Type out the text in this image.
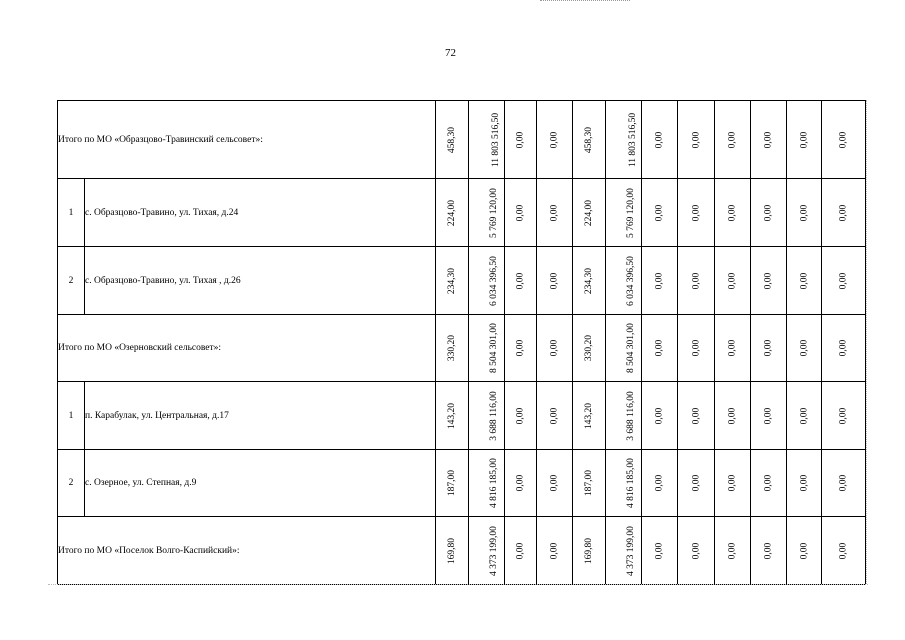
72
Итого по МО «Образцово-Травинский сельсовет»:		458,30	11 803 516,50	0,00	0,00	458,30	11 803 516,50	0,00	0,00	0,00	0,00	0,00	0,00
1	с. Образцово-Травино, ул. Тихая, д.24	224,00	5 769 120,00	0,00	0,00	224,00	5 769 120,00	0,00	0,00	0,00	0,00	0,00	0,00
2	с. Образцово-Травино, ул. Тихая , д.26	234,30	6 034 396,50	0,00	0,00	234,30	6 034 396,50	0,00	0,00	0,00	0,00	0,00	0,00
Итого по МО «Озерновский сельсовет»:		330,20	8 504 301,00	0,00	0,00	330,20	8 504 301,00	0,00	0,00	0,00	0,00	0,00	0,00
1	п. Карабулак, ул. Центральная, д.17	143,20	3 688 116,00	0,00	0,00	143,20	3 688 116,00	0,00	0,00	0,00	0,00	0,00	0,00
2	с. Озерное, ул. Степная, д.9	187,00	4 816 185,00	0,00	0,00	187,00	4 816 185,00	0,00	0,00	0,00	0,00	0,00	0,00
Итого по МО «Поселок Волго-Каспийский»:		169,80	4 373 199,00	0,00	0,00	169,80	4 373 199,00	0,00	0,00	0,00	0,00	0,00	0,00
